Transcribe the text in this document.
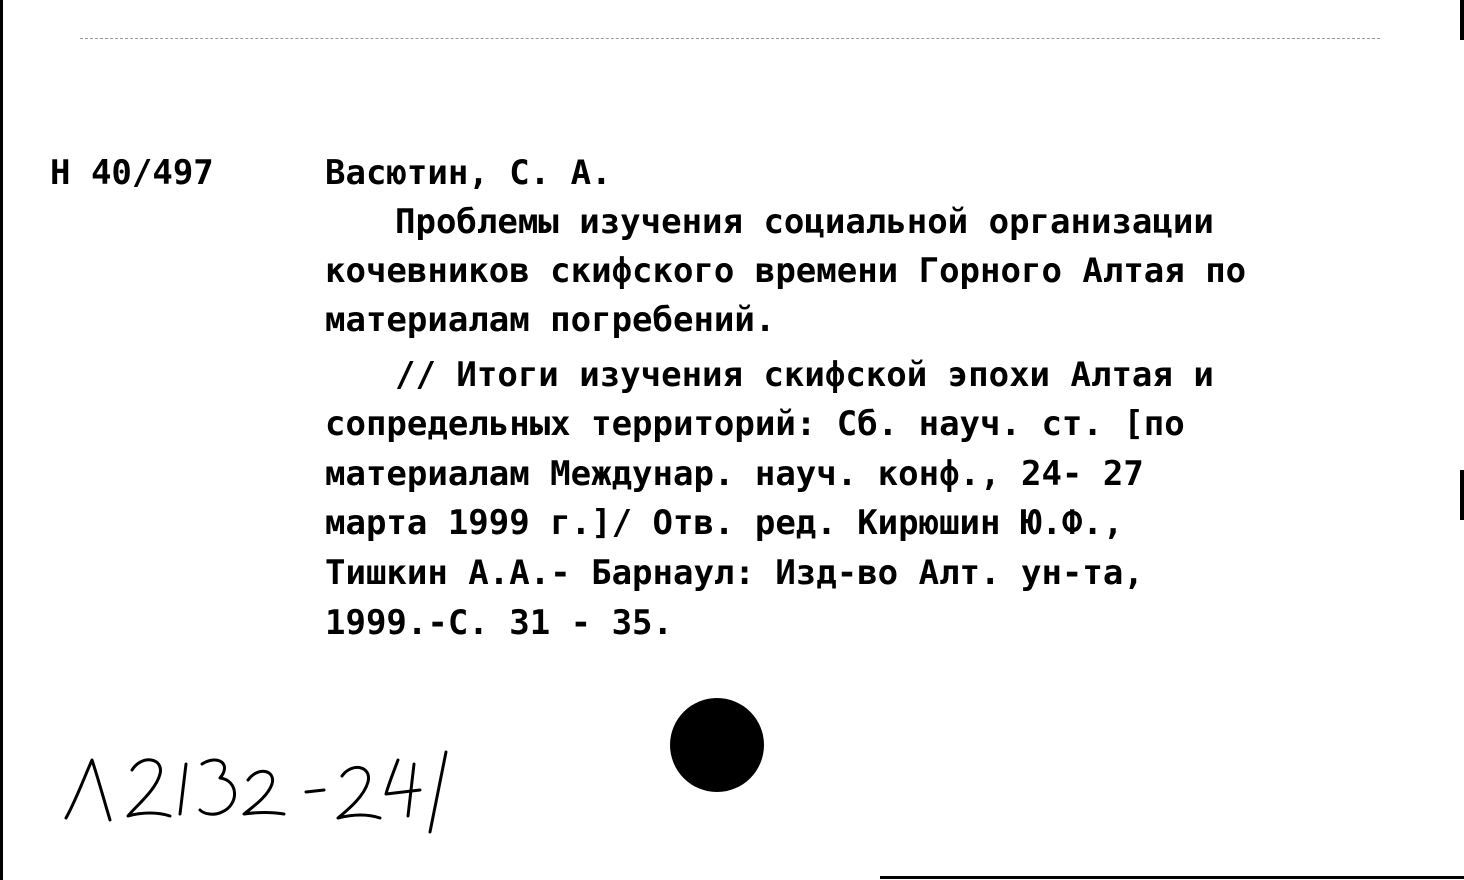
Н 40/497	Васютин, С. А.
Проблемы изучения социальной организации
кочевников скифского времени Горного Алтая по
материалам погребений.
// Итоги изучения скифской эпохи Алтая и
сопредельных территорий: Сб. науч. ст. [по
материалам Междунар. науч. конф., 24- 27
марта 1999 г.]/ Отв. ред. Кирюшин Ю.Ф.,
Тишкин А.А.- Барнаул: Изд-во Алт. ун-та,
1999.-С. 31 - 35.
